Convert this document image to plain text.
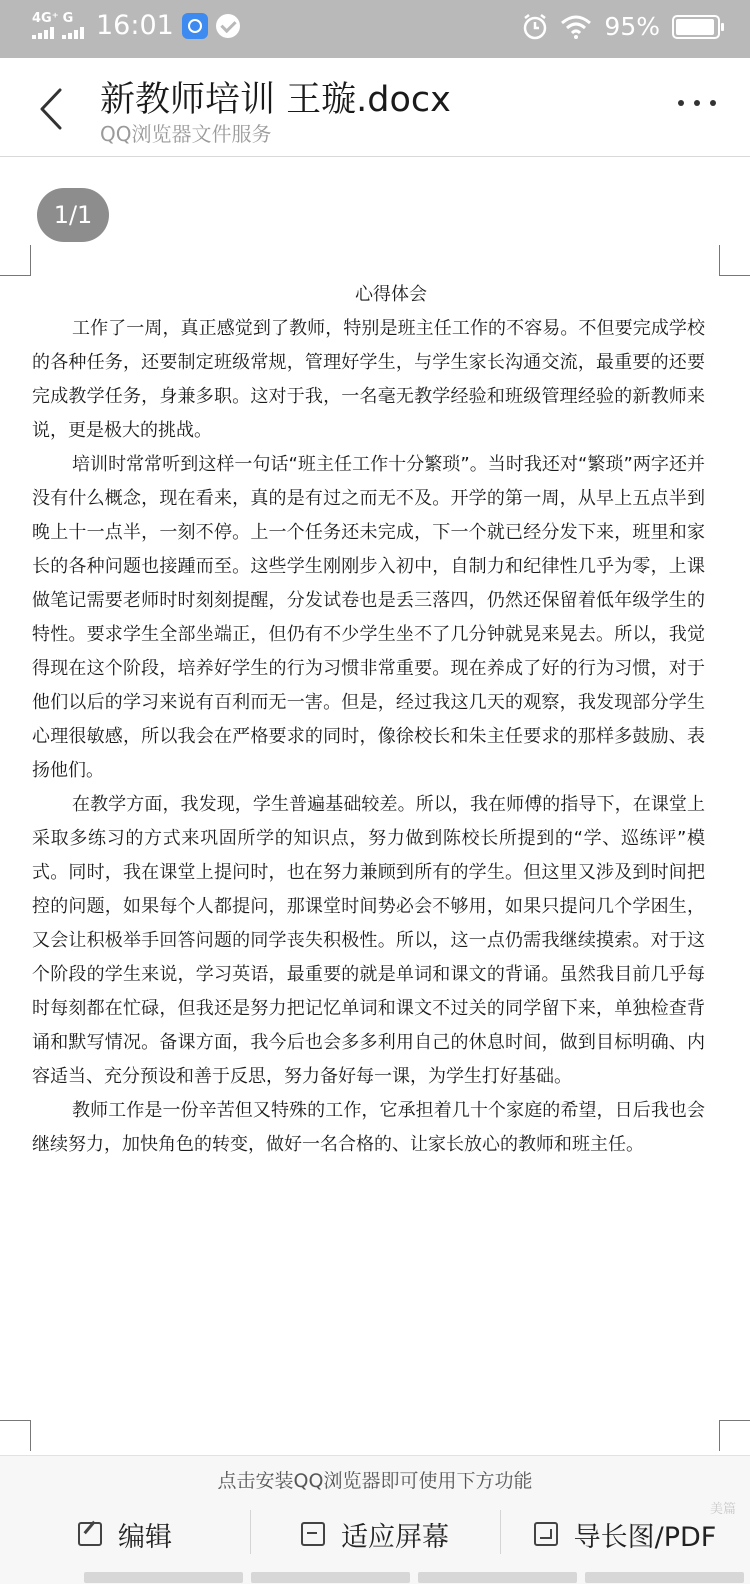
4G⁺ G 16:01	95%
新教师培训 王璇.docx
QQ浏览器文件服务
1/1
心得体会

工作了一周，真正感觉到了教师，特别是班主任工作的不容易。不但要完成学校的各种任务，还要制定班级常规，管理好学生，与学生家长沟通交流，最重要的还要完成教学任务，身兼多职。这对于我，一名毫无教学经验和班级管理经验的新教师来说，更是极大的挑战。

培训时常常听到这样一句话“班主任工作十分繁琐”。当时我还对“繁琐”两字还并没有什么概念，现在看来，真的是有过之而无不及。开学的第一周，从早上五点半到晚上十一点半，一刻不停。上一个任务还未完成，下一个就已经分发下来，班里和家长的各种问题也接踵而至。这些学生刚刚步入初中，自制力和纪律性几乎为零，上课做笔记需要老师时时刻刻提醒，分发试卷也是丢三落四，仍然还保留着低年级学生的特性。要求学生全部坐端正，但仍有不少学生坐不了几分钟就晃来晃去。所以，我觉得现在这个阶段，培养好学生的行为习惯非常重要。现在养成了好的行为习惯，对于他们以后的学习来说有百利而无一害。但是，经过我这几天的观察，我发现部分学生心理很敏感，所以我会在严格要求的同时，像徐校长和朱主任要求的那样多鼓励、表扬他们。

在教学方面，我发现，学生普遍基础较差。所以，我在师傅的指导下，在课堂上采取多练习的方式来巩固所学的知识点，努力做到陈校长所提到的“学、巡练评”模式。同时，我在课堂上提问时，也在努力兼顾到所有的学生。但这里又涉及到时间把控的问题，如果每个人都提问，那课堂时间势必会不够用，如果只提问几个学困生，又会让积极举手回答问题的同学丧失积极性。所以，这一点仍需我继续摸索。对于这个阶段的学生来说，学习英语，最重要的就是单词和课文的背诵。虽然我目前几乎每时每刻都在忙碌，但我还是努力把记忆单词和课文不过关的同学留下来，单独检查背诵和默写情况。备课方面，我今后也会多多利用自己的休息时间，做到目标明确、内容适当、充分预设和善于反思，努力备好每一课，为学生打好基础。

教师工作是一份辛苦但又特殊的工作，它承担着几十个家庭的希望，日后我也会继续努力，加快角色的转变，做好一名合格的、让家长放心的教师和班主任。

点击安装QQ浏览器即可使用下方功能
编辑	适应屏幕	导长图/PDF
美篇
